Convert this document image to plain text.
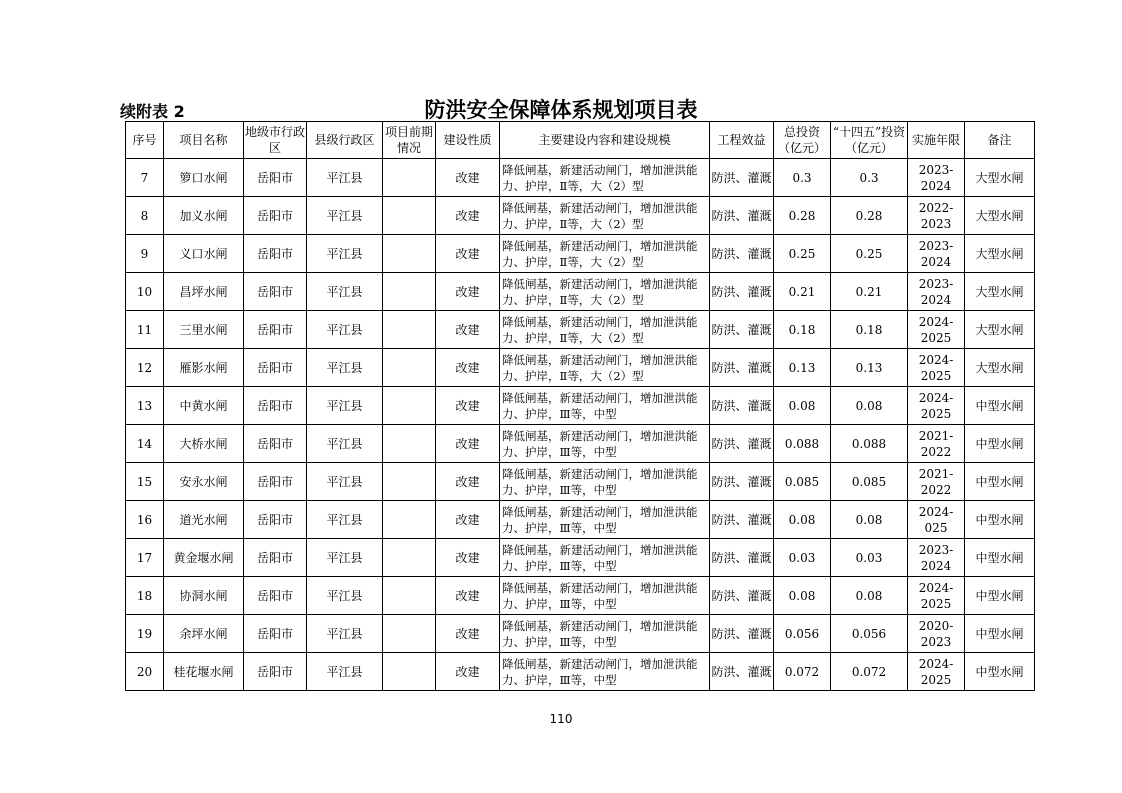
续附表 2	防洪安全保障体系规划项目表
序号	项目名称	地级市行政区	县级行政区	项目前期情况	建设性质	主要建设内容和建设规模	工程效益	总投资（亿元）	“十四五”投资（亿元）	实施年限	备注
7	箩口水闸	岳阳市	平江县		改建	降低闸基，新建活动闸门，增加泄洪能力、护岸，Ⅱ等，大（2）型	防洪、灌溉	0.3	0.3	2023-2024	大型水闸
8	加义水闸	岳阳市	平江县		改建	降低闸基，新建活动闸门，增加泄洪能力、护岸，Ⅱ等，大（2）型	防洪、灌溉	0.28	0.28	2022-2023	大型水闸
9	义口水闸	岳阳市	平江县		改建	降低闸基，新建活动闸门，增加泄洪能力、护岸，Ⅱ等，大（2）型	防洪、灌溉	0.25	0.25	2023-2024	大型水闸
10	昌坪水闸	岳阳市	平江县		改建	降低闸基，新建活动闸门，增加泄洪能力、护岸，Ⅱ等，大（2）型	防洪、灌溉	0.21	0.21	2023-2024	大型水闸
11	三里水闸	岳阳市	平江县		改建	降低闸基，新建活动闸门，增加泄洪能力、护岸，Ⅱ等，大（2）型	防洪、灌溉	0.18	0.18	2024-2025	大型水闸
12	雁影水闸	岳阳市	平江县		改建	降低闸基，新建活动闸门，增加泄洪能力、护岸，Ⅱ等，大（2）型	防洪、灌溉	0.13	0.13	2024-2025	大型水闸
13	中黄水闸	岳阳市	平江县		改建	降低闸基，新建活动闸门，增加泄洪能力、护岸，Ⅲ等，中型	防洪、灌溉	0.08	0.08	2024-2025	中型水闸
14	大桥水闸	岳阳市	平江县		改建	降低闸基，新建活动闸门，增加泄洪能力、护岸，Ⅲ等，中型	防洪、灌溉	0.088	0.088	2021-2022	中型水闸
15	安永水闸	岳阳市	平江县		改建	降低闸基，新建活动闸门，增加泄洪能力、护岸，Ⅲ等，中型	防洪、灌溉	0.085	0.085	2021-2022	中型水闸
16	道光水闸	岳阳市	平江县		改建	降低闸基，新建活动闸门，增加泄洪能力、护岸，Ⅲ等，中型	防洪、灌溉	0.08	0.08	2024-025	中型水闸
17	黄金堰水闸	岳阳市	平江县		改建	降低闸基，新建活动闸门，增加泄洪能力、护岸，Ⅲ等，中型	防洪、灌溉	0.03	0.03	2023-2024	中型水闸
18	协洞水闸	岳阳市	平江县		改建	降低闸基，新建活动闸门，增加泄洪能力、护岸，Ⅲ等，中型	防洪、灌溉	0.08	0.08	2024-2025	中型水闸
19	余坪水闸	岳阳市	平江县		改建	降低闸基，新建活动闸门，增加泄洪能力、护岸，Ⅲ等，中型	防洪、灌溉	0.056	0.056	2020-2023	中型水闸
20	桂花堰水闸	岳阳市	平江县		改建	降低闸基，新建活动闸门，增加泄洪能力、护岸，Ⅲ等，中型	防洪、灌溉	0.072	0.072	2024-2025	中型水闸
110
